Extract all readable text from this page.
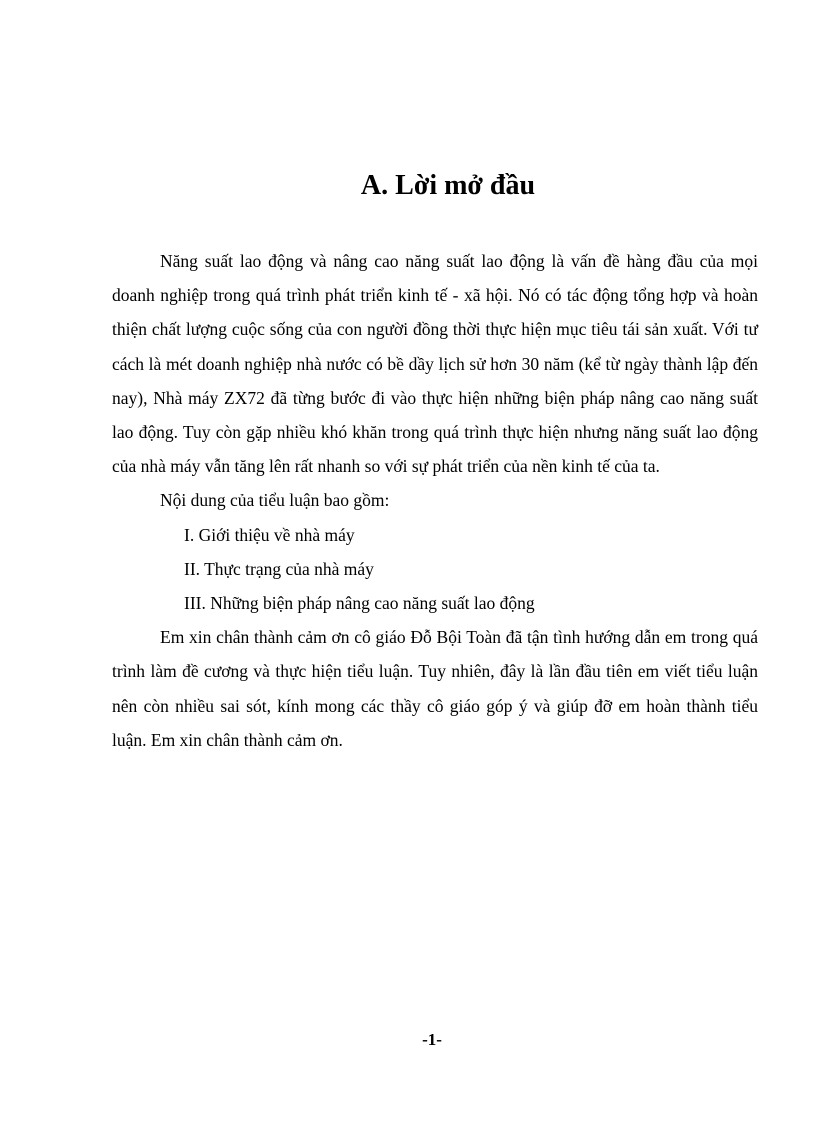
A. Lời mở đầu

Năng suất lao động và nâng cao năng suất lao động là vấn đề hàng đầu của mọi doanh nghiệp trong quá trình phát triển kinh tế - xã hội. Nó có tác động tổng hợp và hoàn thiện chất lượng cuộc sống của con người đồng thời thực hiện mục tiêu tái sản xuất. Với tư cách là mét doanh nghiệp nhà nước có bề dầy lịch sử hơn 30 năm (kể từ ngày thành lập đến nay), Nhà máy ZX72 đã từng bước đi vào thực hiện những biện pháp nâng cao năng suất lao động. Tuy còn gặp nhiều khó khăn trong quá trình thực hiện nhưng năng suất lao động của nhà máy vẫn tăng lên rất nhanh so với sự phát triển của nền kinh tế của ta.

Nội dung của tiểu luận bao gồm:

I. Giới thiệu về nhà máy

II. Thực trạng của nhà máy

III. Những biện pháp nâng cao năng suất lao động

Em xin chân thành cảm ơn cô giáo Đỗ Bội Toàn đã tận tình hướng dẫn em trong quá trình làm đề cương và thực hiện tiểu luận. Tuy nhiên, đây là lần đầu tiên em viết tiểu luận nên còn nhiều sai sót, kính mong các thầy cô giáo góp ý và giúp đỡ em hoàn thành tiểu luận. Em xin chân thành cảm ơn.

-1-
